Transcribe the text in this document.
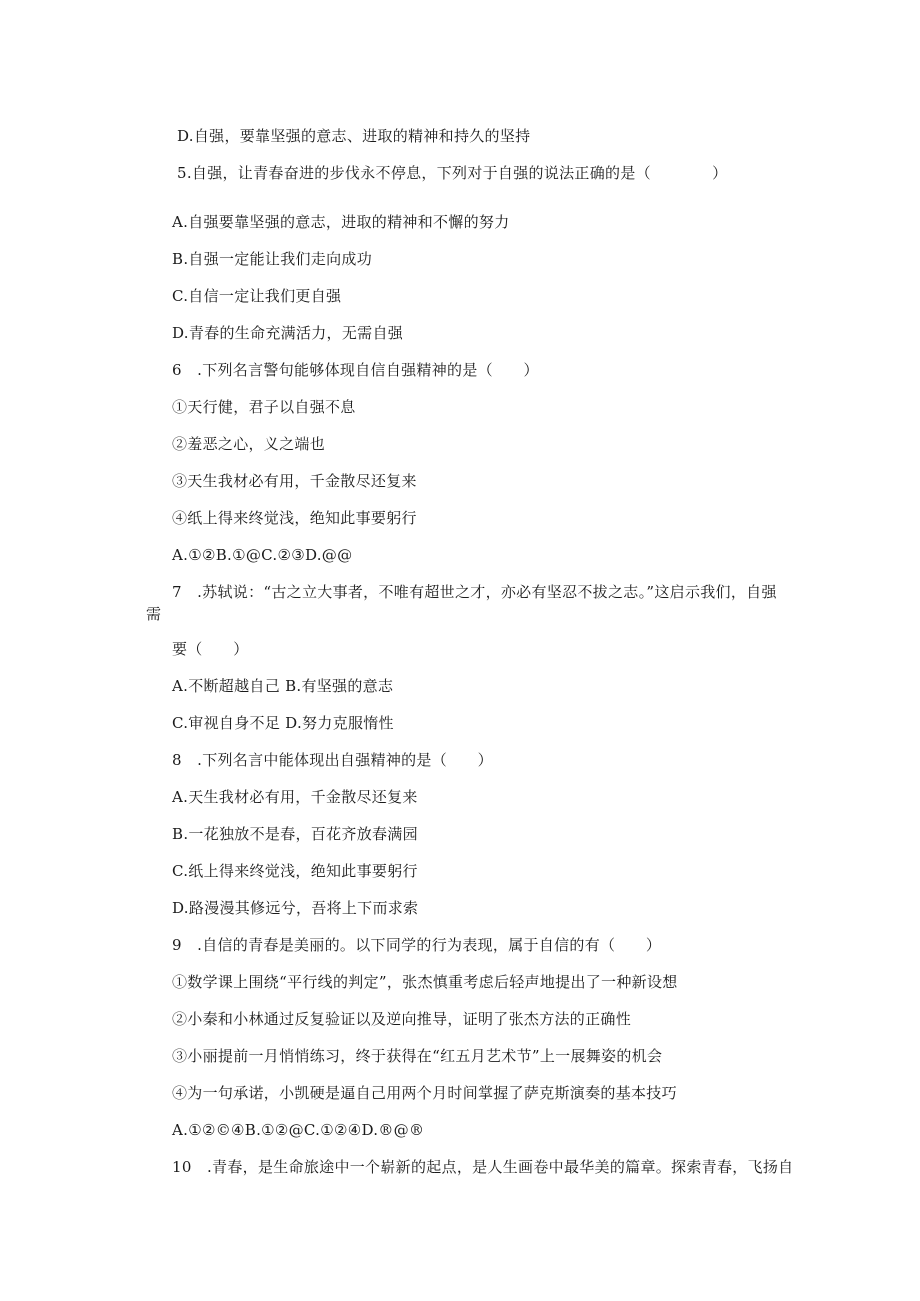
D.自强，要靠坚强的意志、进取的精神和持久的坚持
5.自强，让青春奋进的步伐永不停息，下列对于自强的说法正确的是（　　　　）
A.自强要靠坚强的意志，进取的精神和不懈的努力
B.自强一定能让我们走向成功
C.自信一定让我们更自强
D.青春的生命充满活力，无需自强
6　.下列名言警句能够体现自信自强精神的是（　　）
①天行健，君子以自强不息
②羞恶之心，义之端也
③天生我材必有用，千金散尽还复来
④纸上得来终觉浅，绝知此事要躬行
A.①②B.①@C.②③D.@@
7　.苏轼说：“古之立大事者，不唯有超世之才，亦必有坚忍不拔之志。”这启示我们，自强
需
要（　　）
A.不断超越自己 B.有坚强的意志
C.审视自身不足 D.努力克服惰性
8　.下列名言中能体现出自强精神的是（　　）
A.天生我材必有用，千金散尽还复来
B.一花独放不是春，百花齐放春满园
C.纸上得来终觉浅，绝知此事要躬行
D.路漫漫其修远兮，吾将上下而求索
9　.自信的青春是美丽的。以下同学的行为表现，属于自信的有（　　）
①数学课上围绕“平行线的判定”，张杰慎重考虑后轻声地提出了一种新设想
②小秦和小林通过反复验证以及逆向推导，证明了张杰方法的正确性
③小丽提前一月悄悄练习，终于获得在“红五月艺术节”上一展舞姿的机会
④为一句承诺，小凯硬是逼自己用两个月时间掌握了萨克斯演奏的基本技巧
A.①②©④B.①②@C.①②④D.®@®
10　.青春，是生命旅途中一个崭新的起点，是人生画卷中最华美的篇章。探索青春，飞扬自
